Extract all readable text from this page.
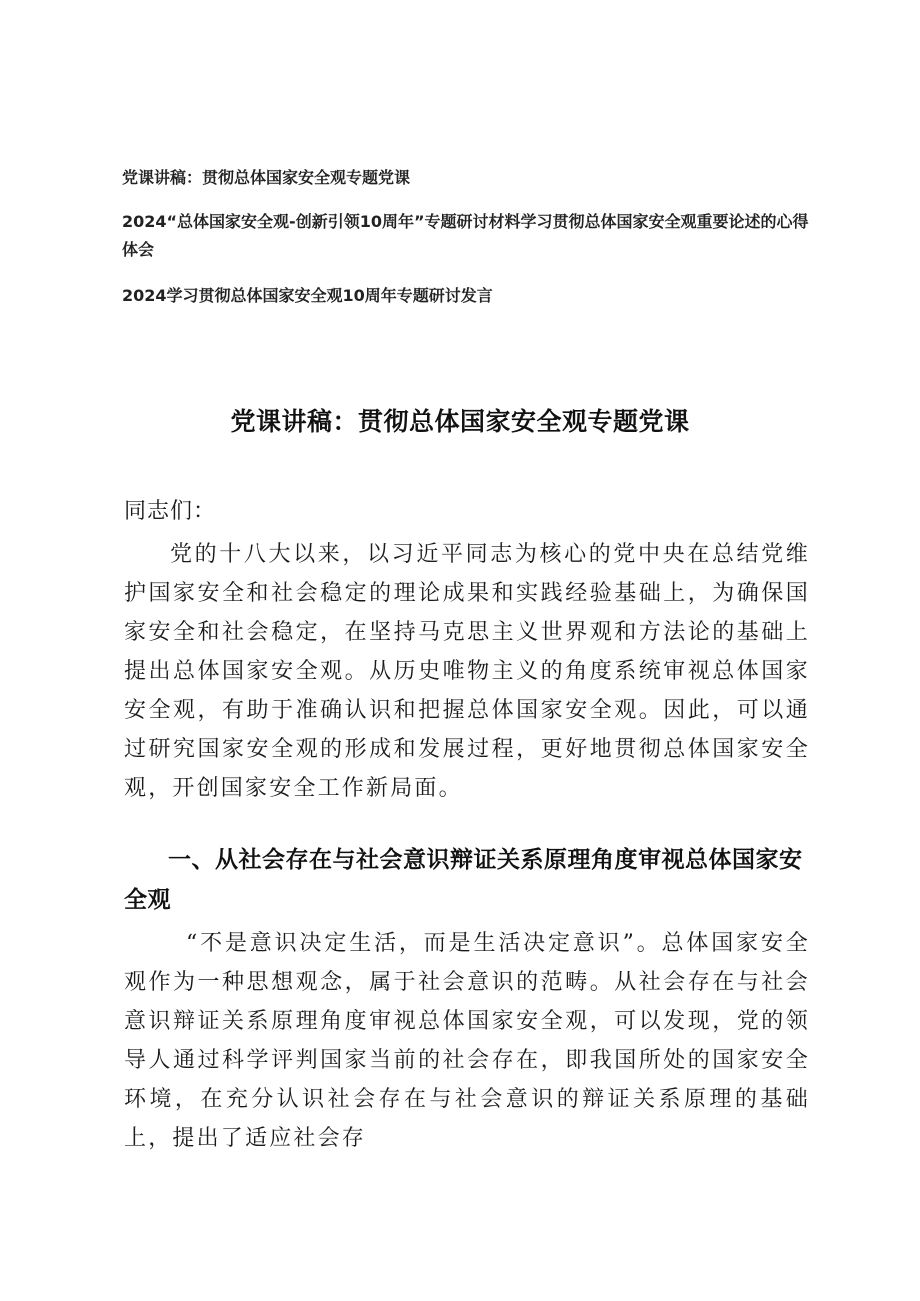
党课讲稿：贯彻总体国家安全观专题党课

2024“总体国家安全观-创新引领10周年”专题研讨材料学习贯彻总体国家安全观重要论述的心得体会

2024学习贯彻总体国家安全观10周年专题研讨发言

党课讲稿：贯彻总体国家安全观专题党课

同志们：

党的十八大以来，以习近平同志为核心的党中央在总结党维护国家安全和社会稳定的理论成果和实践经验基础上，为确保国家安全和社会稳定，在坚持马克思主义世界观和方法论的基础上提出总体国家安全观。从历史唯物主义的角度系统审视总体国家安全观，有助于准确认识和把握总体国家安全观。因此，可以通过研究国家安全观的形成和发展过程，更好地贯彻总体国家安全观，开创国家安全工作新局面。

一、从社会存在与社会意识辩证关系原理角度审视总体国家安全观

“不是意识决定生活，而是生活决定意识”。总体国家安全观作为一种思想观念，属于社会意识的范畴。从社会存在与社会意识辩证关系原理角度审视总体国家安全观，可以发现，党的领导人通过科学评判国家当前的社会存在，即我国所处的国家安全环境，在充分认识社会存在与社会意识的辩证关系原理的基础上，提出了适应社会存
